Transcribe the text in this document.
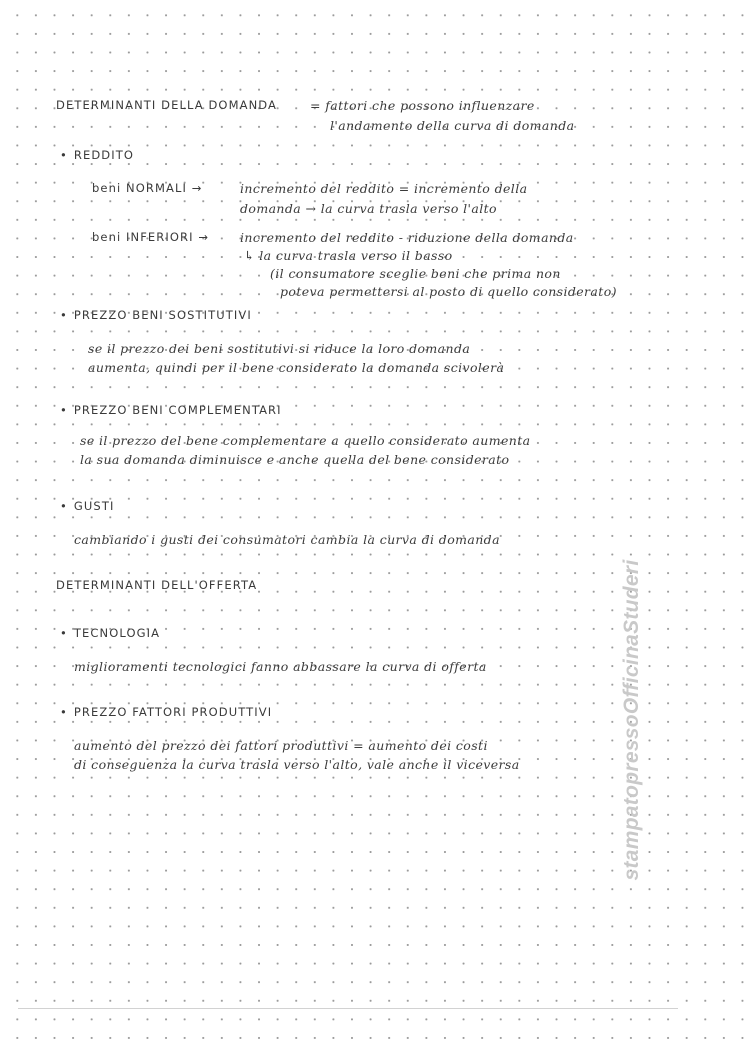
DETERMINANTI DELLA DOMANDA	= fattori che possono influenzare

l'andamento della curva di domanda

• REDDITO

beni NORMALI →	incremento del reddito = incremento della

domanda → la curva trasla verso l'alto

beni INFERIORI → incremento del reddito - riduzione della domanda

↳ la curva trasla verso il basso

(il consumatore sceglie beni che prima non

poteva permettersi al posto di quello considerato)

• PREZZO BENI SOSTITUTIVI

se il prezzo dei beni sostitutivi si riduce la loro domanda

aumenta, quindi per il bene considerato la domanda scivolerà

• PREZZO BENI COMPLEMENTARI

se il prezzo del bene complementare a quello considerato aumenta

la sua domanda diminuisce e anche quella del bene considerato

• GUSTI

cambiando i gusti dei consumatori cambia la curva di domanda

DETERMINANTI DELL'OFFERTA

• TECNOLOGIA

miglioramenti tecnologici fanno abbassare la curva di offerta

• PREZZO FATTORI PRODUTTIVI

aumento del prezzo dei fattori produttivi = aumento dei costi

di conseguenza la curva trasla verso l'alto, vale anche il viceversa	stampatopressoOfficinaStuderi
